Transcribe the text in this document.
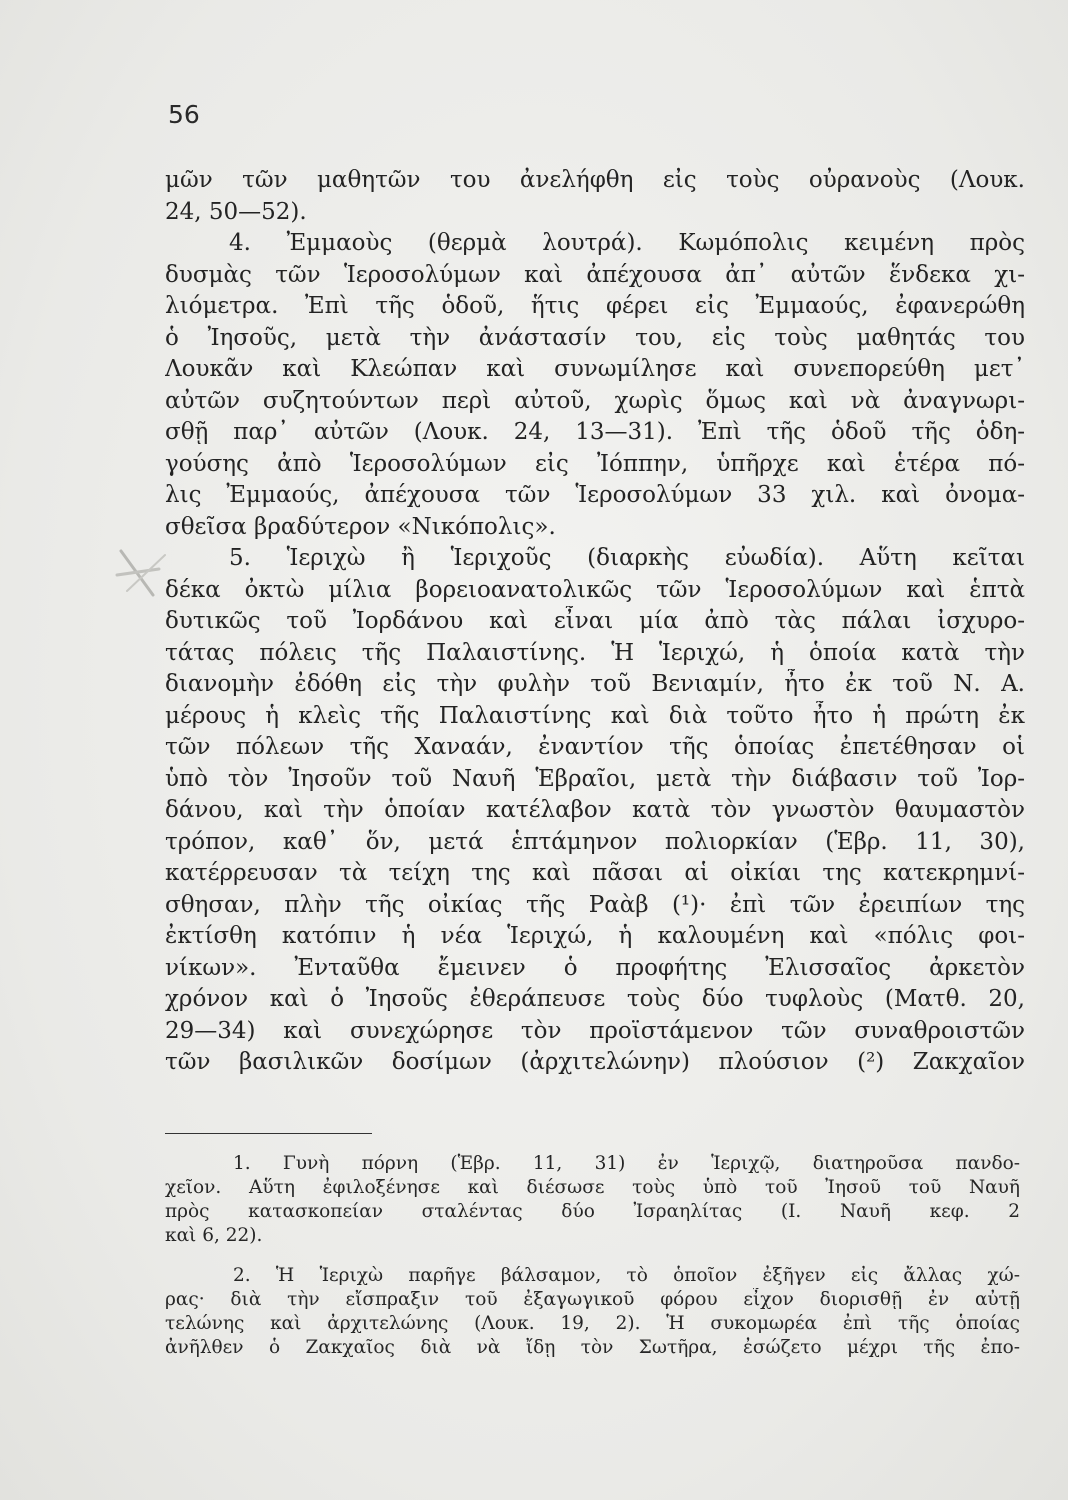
56
μῶν τῶν μαθητῶν του ἀνελήφθη εἰς τοὺς οὐρανοὺς (Λουκ.
24, 50—52).
4. Ἐμμαοὺς (θερμὰ λουτρά). Κωμόπολις κειμένη πρὸς
δυσμὰς τῶν Ἱεροσολύμων καὶ ἀπέχουσα ἀπ᾿ αὐτῶν ἕνδεκα χι-
λιόμετρα. Ἐπὶ τῆς ὁδοῦ, ἥτις φέρει εἰς Ἐμμαούς, ἐφανερώθη
ὁ Ἰησοῦς, μετὰ τὴν ἀνάστασίν του, εἰς τοὺς μαθητάς του
Λουκᾶν καὶ Κλεώπαν καὶ συνωμίλησε καὶ συνεπορεύθη μετ᾿
αὐτῶν συζητούντων περὶ αὐτοῦ, χωρὶς ὅμως καὶ νὰ ἀναγνωρι-
σθῇ παρ᾿ αὐτῶν (Λουκ. 24, 13—31). Ἐπὶ τῆς ὁδοῦ τῆς ὁδη-
γούσης ἀπὸ Ἱεροσολύμων εἰς Ἰόππην, ὑπῆρχε καὶ ἑτέρα πό-
λις Ἐμμαούς, ἀπέχουσα τῶν Ἱεροσολύμων 33 χιλ. καὶ ὀνομα-
σθεῖσα βραδύτερον «Νικόπολις».
5. Ἱεριχὼ ἢ Ἱεριχοῦς (διαρκὴς εὐωδία). Αὕτη κεῖται
δέκα ὀκτὼ μίλια βορειοανατολικῶς τῶν Ἱεροσολύμων καὶ ἑπτὰ
δυτικῶς τοῦ Ἰορδάνου καὶ εἶναι μία ἀπὸ τὰς πάλαι ἰσχυρο-
τάτας πόλεις τῆς Παλαιστίνης. Ἡ Ἱεριχώ, ἡ ὁποία κατὰ τὴν
διανομὴν ἐδόθη εἰς τὴν φυλὴν τοῦ Βενιαμίν, ἦτο ἐκ τοῦ Ν. Α.
μέρους ἡ κλεὶς τῆς Παλαιστίνης καὶ διὰ τοῦτο ἦτο ἡ πρώτη ἐκ
τῶν πόλεων τῆς Χαναάν, ἐναντίον τῆς ὁποίας ἐπετέθησαν οἱ
ὑπὸ τὸν Ἰησοῦν τοῦ Ναυῆ Ἑβραῖοι, μετὰ τὴν διάβασιν τοῦ Ἰορ-
δάνου, καὶ τὴν ὁποίαν κατέλαβον κατὰ τὸν γνωστὸν θαυμαστὸν
τρόπον, καθ᾿ ὅν, μετά ἑπτάμηνον πολιορκίαν (Ἑβρ. 11, 30),
κατέρρευσαν τὰ τείχη της καὶ πᾶσαι αἱ οἰκίαι της κατεκρημνί-
σθησαν, πλὴν τῆς οἰκίας τῆς Ραὰβ (¹)· ἐπὶ τῶν ἐρειπίων της
ἐκτίσθη κατόπιν ἡ νέα Ἱεριχώ, ἡ καλουμένη καὶ «πόλις φοι-
νίκων». Ἐνταῦθα ἔμεινεν ὁ προφήτης Ἐλισσαῖος ἀρκετὸν
χρόνον καὶ ὁ Ἰησοῦς ἐθεράπευσε τοὺς δύο τυφλοὺς (Ματθ. 20,
29—34) καὶ συνεχώρησε τὸν προϊστάμενον τῶν συναθροιστῶν
τῶν βασιλικῶν δοσίμων (ἀρχιτελώνην) πλούσιον (²) Ζακχαῖον
1. Γυνὴ πόρνη (Ἑβρ. 11, 31) ἐν Ἱεριχῷ, διατηροῦσα πανδο-
χεῖον. Αὕτη ἐφιλοξένησε καὶ διέσωσε τοὺς ὑπὸ τοῦ Ἰησοῦ τοῦ Ναυῆ
πρὸς κατασκοπείαν σταλέντας δύο Ἰσραηλίτας (Ι. Ναυῆ κεφ. 2
καὶ 6, 22).
2. Ἡ Ἱεριχὼ παρῆγε βάλσαμον, τὸ ὁποῖον ἐξῆγεν εἰς ἄλλας χώ-
ρας· διὰ τὴν εἴσπραξιν τοῦ ἐξαγωγικοῦ φόρου εἶχον διορισθῇ ἐν αὐτῇ
τελώνης καὶ ἀρχιτελώνης (Λουκ. 19, 2). Ἡ συκομωρέα ἐπὶ τῆς ὁποίας
ἀνῆλθεν ὁ Ζακχαῖος διὰ νὰ ἴδῃ τὸν Σωτῆρα, ἐσώζετο μέχρι τῆς ἐπο-
